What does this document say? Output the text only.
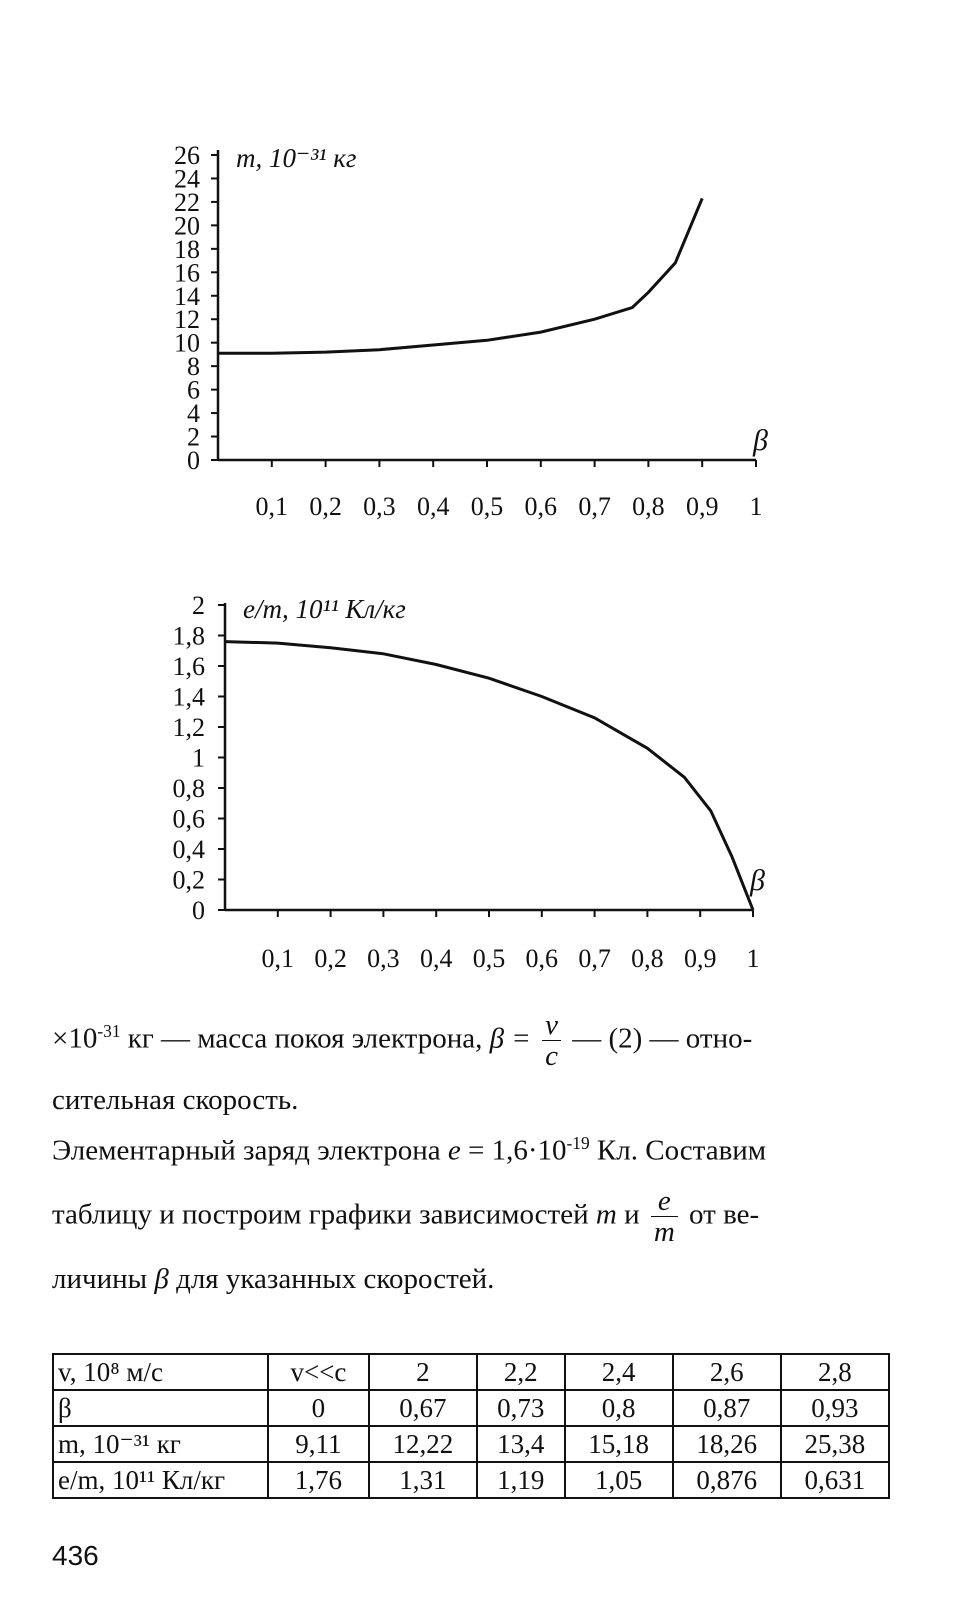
26
24
22
20
18
16
14
12
10
8
6
4
2
0
0,1 0,2 0,3 0,4 0,5 0,6 0,7 0,8 0,9 1
m, 10⁻³¹ кг
β
2
1,8
1,6
1,4
1,2
1
0,8
0,6
0,4
0,2
0
0,1 0,2 0,3 0,4 0,5 0,6 0,7 0,8 0,9 1
e/m, 10¹¹ Кл/кг
β
$\times 10^{-31}$ кг — масса покоя электрона, $\beta = \frac{v}{c}$ — (2) — отно-
сительная скорость.
Элементарный заряд электрона $e = 1,6\cdot 10^{-19}$ Кл. Составим
таблицу и построим графики зависимостей m и $\frac{e}{m}$ от ве-
личины β для указанных скоростей.
v, 10⁸ м/с	v<<c	2	2,2	2,4	2,6	2,8
β	0	0,67	0,73	0,8	0,87	0,93
m, 10⁻³¹ кг	9,11	12,22	13,4	15,18	18,26	25,38
e/m, 10¹¹ Кл/кг	1,76	1,31	1,19	1,05	0,876	0,631
436
